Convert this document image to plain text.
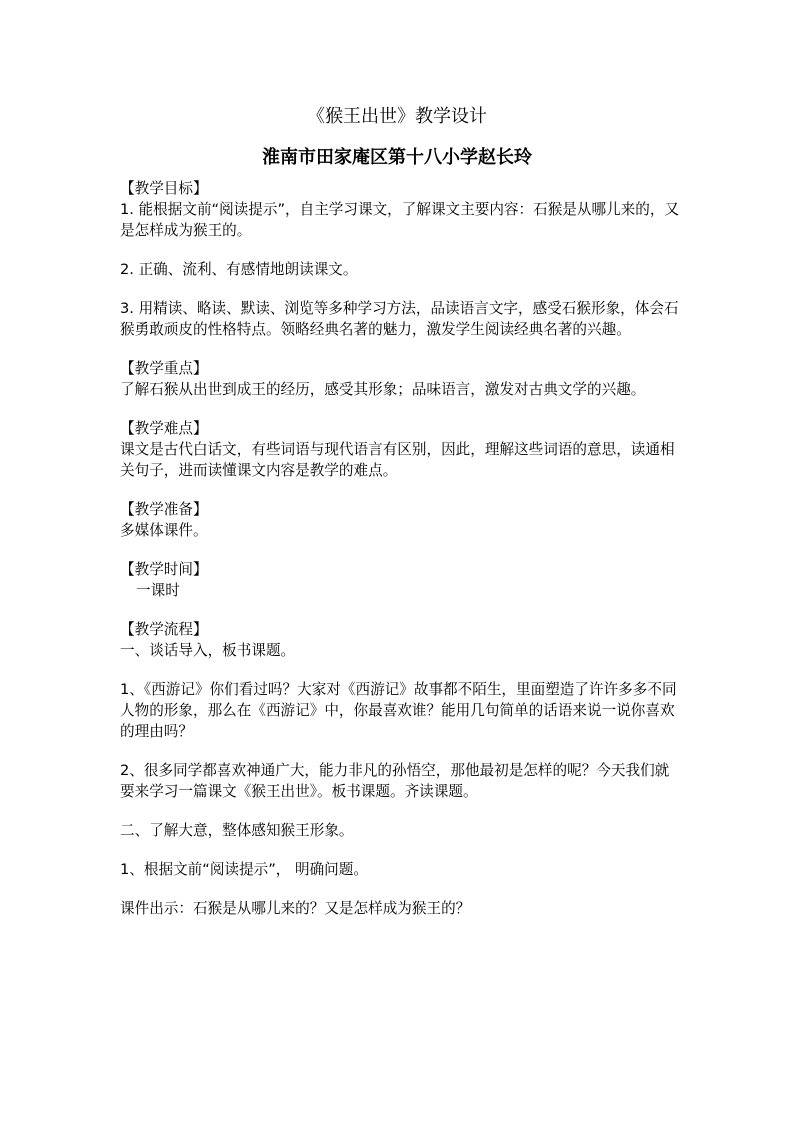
《猴王出世》教学设计
淮南市田家庵区第十八小学赵长玲

【教学目标】

1. 能根据文前“阅读提示”，自主学习课文，了解课文主要内容：石猴是从哪儿来的，又是怎样成为猴王的。

2. 正确、流利、有感情地朗读课文。

3. 用精读、略读、默读、浏览等多种学习方法，品读语言文字，感受石猴形象，体会石猴勇敢顽皮的性格特点。领略经典名著的魅力，激发学生阅读经典名著的兴趣。

【教学重点】

了解石猴从出世到成王的经历，感受其形象；品味语言，激发对古典文学的兴趣。

【教学难点】

课文是古代白话文，有些词语与现代语言有区别，因此，理解这些词语的意思，读通相关句子，进而读懂课文内容是教学的难点。

【教学准备】

多媒体课件。

【教学时间】

一课时

【教学流程】

一、谈话导入，板书课题。

1、《西游记》你们看过吗？大家对《西游记》故事都不陌生，里面塑造了许许多多不同人物的形象，那么在《西游记》中，你最喜欢谁？能用几句简单的话语来说一说你喜欢的理由吗？

2、很多同学都喜欢神通广大，能力非凡的孙悟空，那他最初是怎样的呢？今天我们就要来学习一篇课文《猴王出世》。板书课题。齐读课题。

二、了解大意，整体感知猴王形象。

1、根据文前“阅读提示”， 明确问题。

课件出示：石猴是从哪儿来的？又是怎样成为猴王的？
